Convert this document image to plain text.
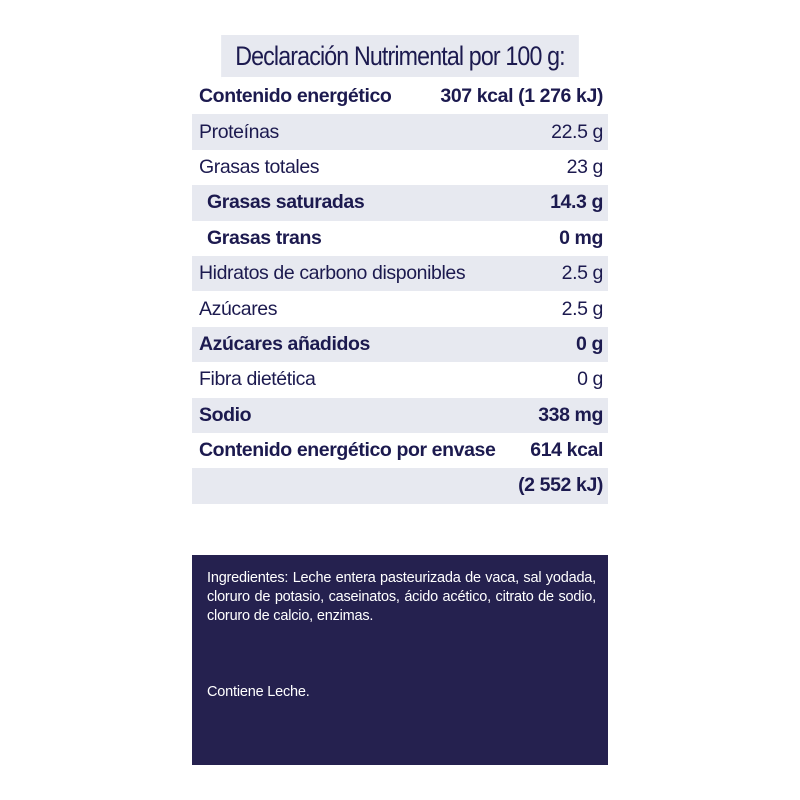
Declaración Nutrimental por 100 g:
Contenido energético	307 kcal (1 276 kJ)
Proteínas	22.5 g
Grasas totales	23 g
Grasas saturadas	14.3 g
Grasas trans	0 mg
Hidratos de carbono disponibles	2.5 g
Azúcares	2.5 g
Azúcares añadidos	0 g
Fibra dietética	0 g
Sodio	338 mg
Contenido energético por envase 614 kcal
(2 552 kJ)

Ingredientes: Leche entera pasteurizada de vaca, sal yodada, cloruro de potasio, caseinatos, ácido acético, citrato de sodio, cloruro de calcio, enzimas.

Contiene Leche.
